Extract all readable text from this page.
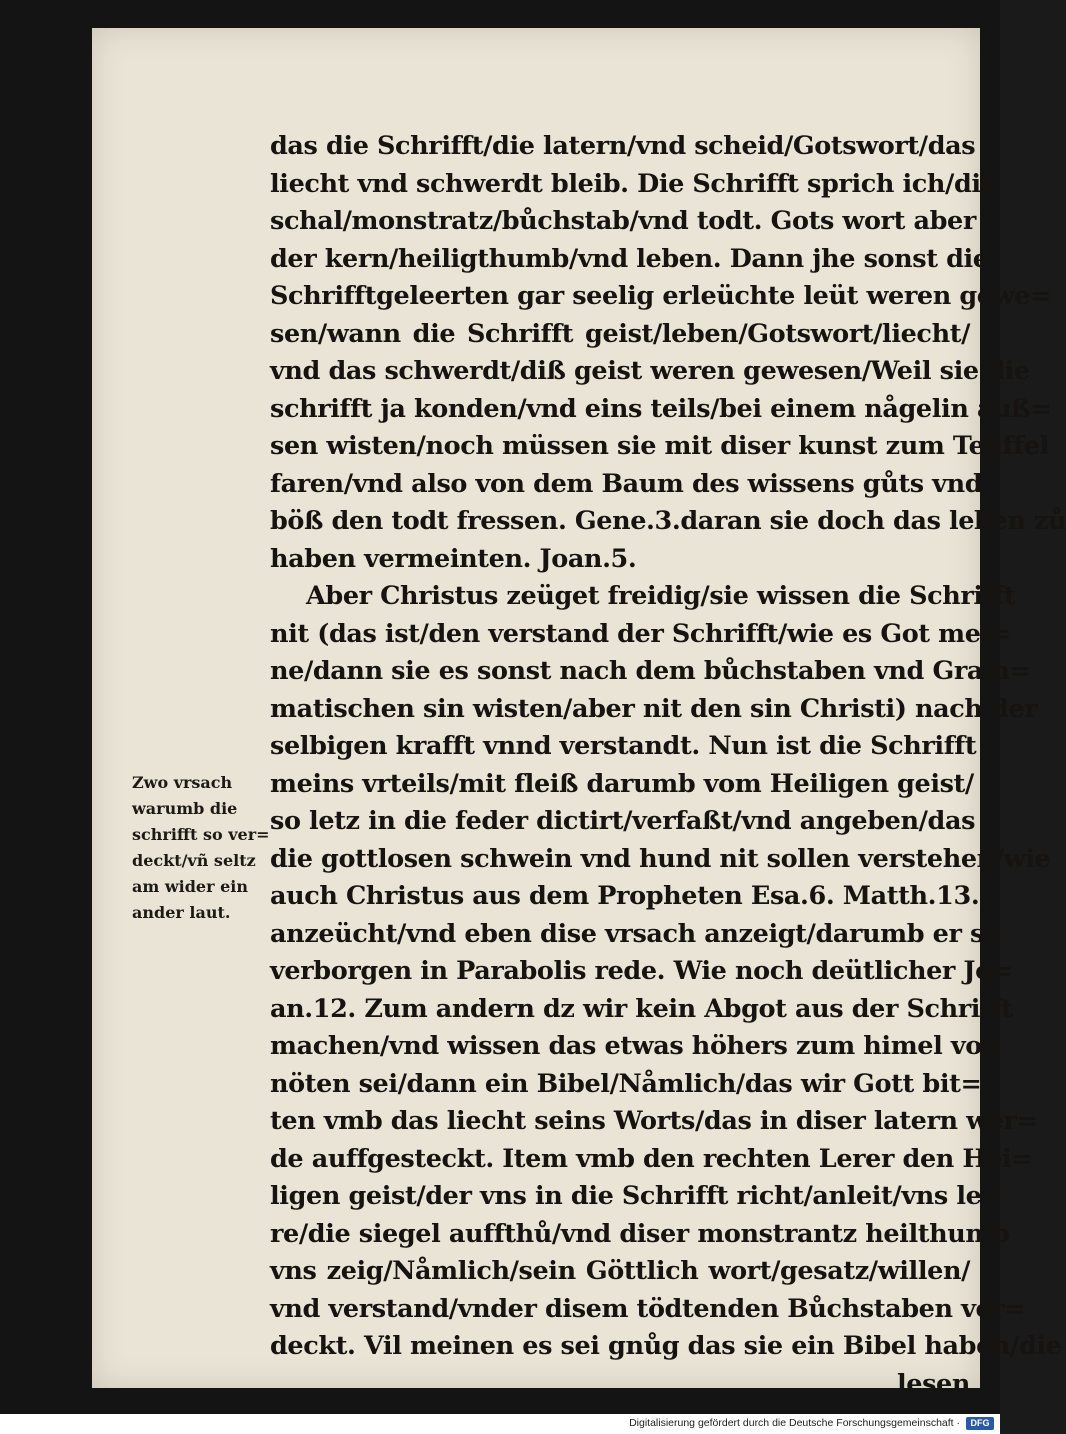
das die Schrifft/die latern/vnd scheid/Gotswort/das
liecht vnd schwerdt bleib. Die Schrifft sprich ich/die
schal/monstratz/bůchstab/vnd todt. Gots wort aber
der kern/heiligthumb/vnd leben. Dann jhe sonst die
Schrifftgeleerten gar seelig erleüchte leüt weren gewe=
sen/wann die Schrifft geist/leben/Gotswort/liecht/
vnd das schwerdt/diß geist weren gewesen/Weil sie die
schrifft ja konden/vnd eins teils/bei einem någelin auß=
sen wisten/noch müssen sie mit diser kunst zum Teüffel
faren/vnd also von dem Baum des wissens gůts vnd
böß den todt fressen. Gene.3.daran sie doch das leben zů
haben vermeinten. Joan.5.
Aber Christus zeüget freidig/sie wissen die Schrifft
nit (das ist/den verstand der Schrifft/wie es Got mei=
ne/dann sie es sonst nach dem bůchstaben vnd Gram=
matischen sin wisten/aber nit den sin Christi) nach der
selbigen krafft vnnd verstandt. Nun ist die Schrifft
meins vrteils/mit fleiß darumb vom Heiligen geist/
so letz in die feder dictirt/verfaßt/vnd angeben/das
die gottlosen schwein vnd hund nit sollen verstehen/wie
auch Christus aus dem Propheten Esa.6. Matth.13.
anzeücht/vnd eben dise vrsach anzeigt/darumb er so
verborgen in Parabolis rede. Wie noch deütlicher Jo=
an.12. Zum andern dz wir kein Abgot aus der Schrifft
machen/vnd wissen das etwas höhers zum himel von
nöten sei/dann ein Bibel/Nåmlich/das wir Gott bit=
ten vmb das liecht seins Worts/das in diser latern wer=
de auffgesteckt. Item vmb den rechten Lerer den Hei=
ligen geist/der vns in die Schrifft richt/anleit/vns le=
re/die siegel auffthů/vnd diser monstrantz heilthumb
vns zeig/Nåmlich/sein Göttlich wort/gesatz/willen/
vnd verstand/vnder disem tödtenden Bůchstaben ver=
deckt. Vil meinen es sei gnůg das sie ein Bibel haben/die
lesen
Zwo vrsach
warumb die
schrifft so ver=
deckt/vñ seltz
am wider ein
ander laut.
Digitalisierung gefördert durch die Deutsche Forschungsgemeinschaft ·	DFG
